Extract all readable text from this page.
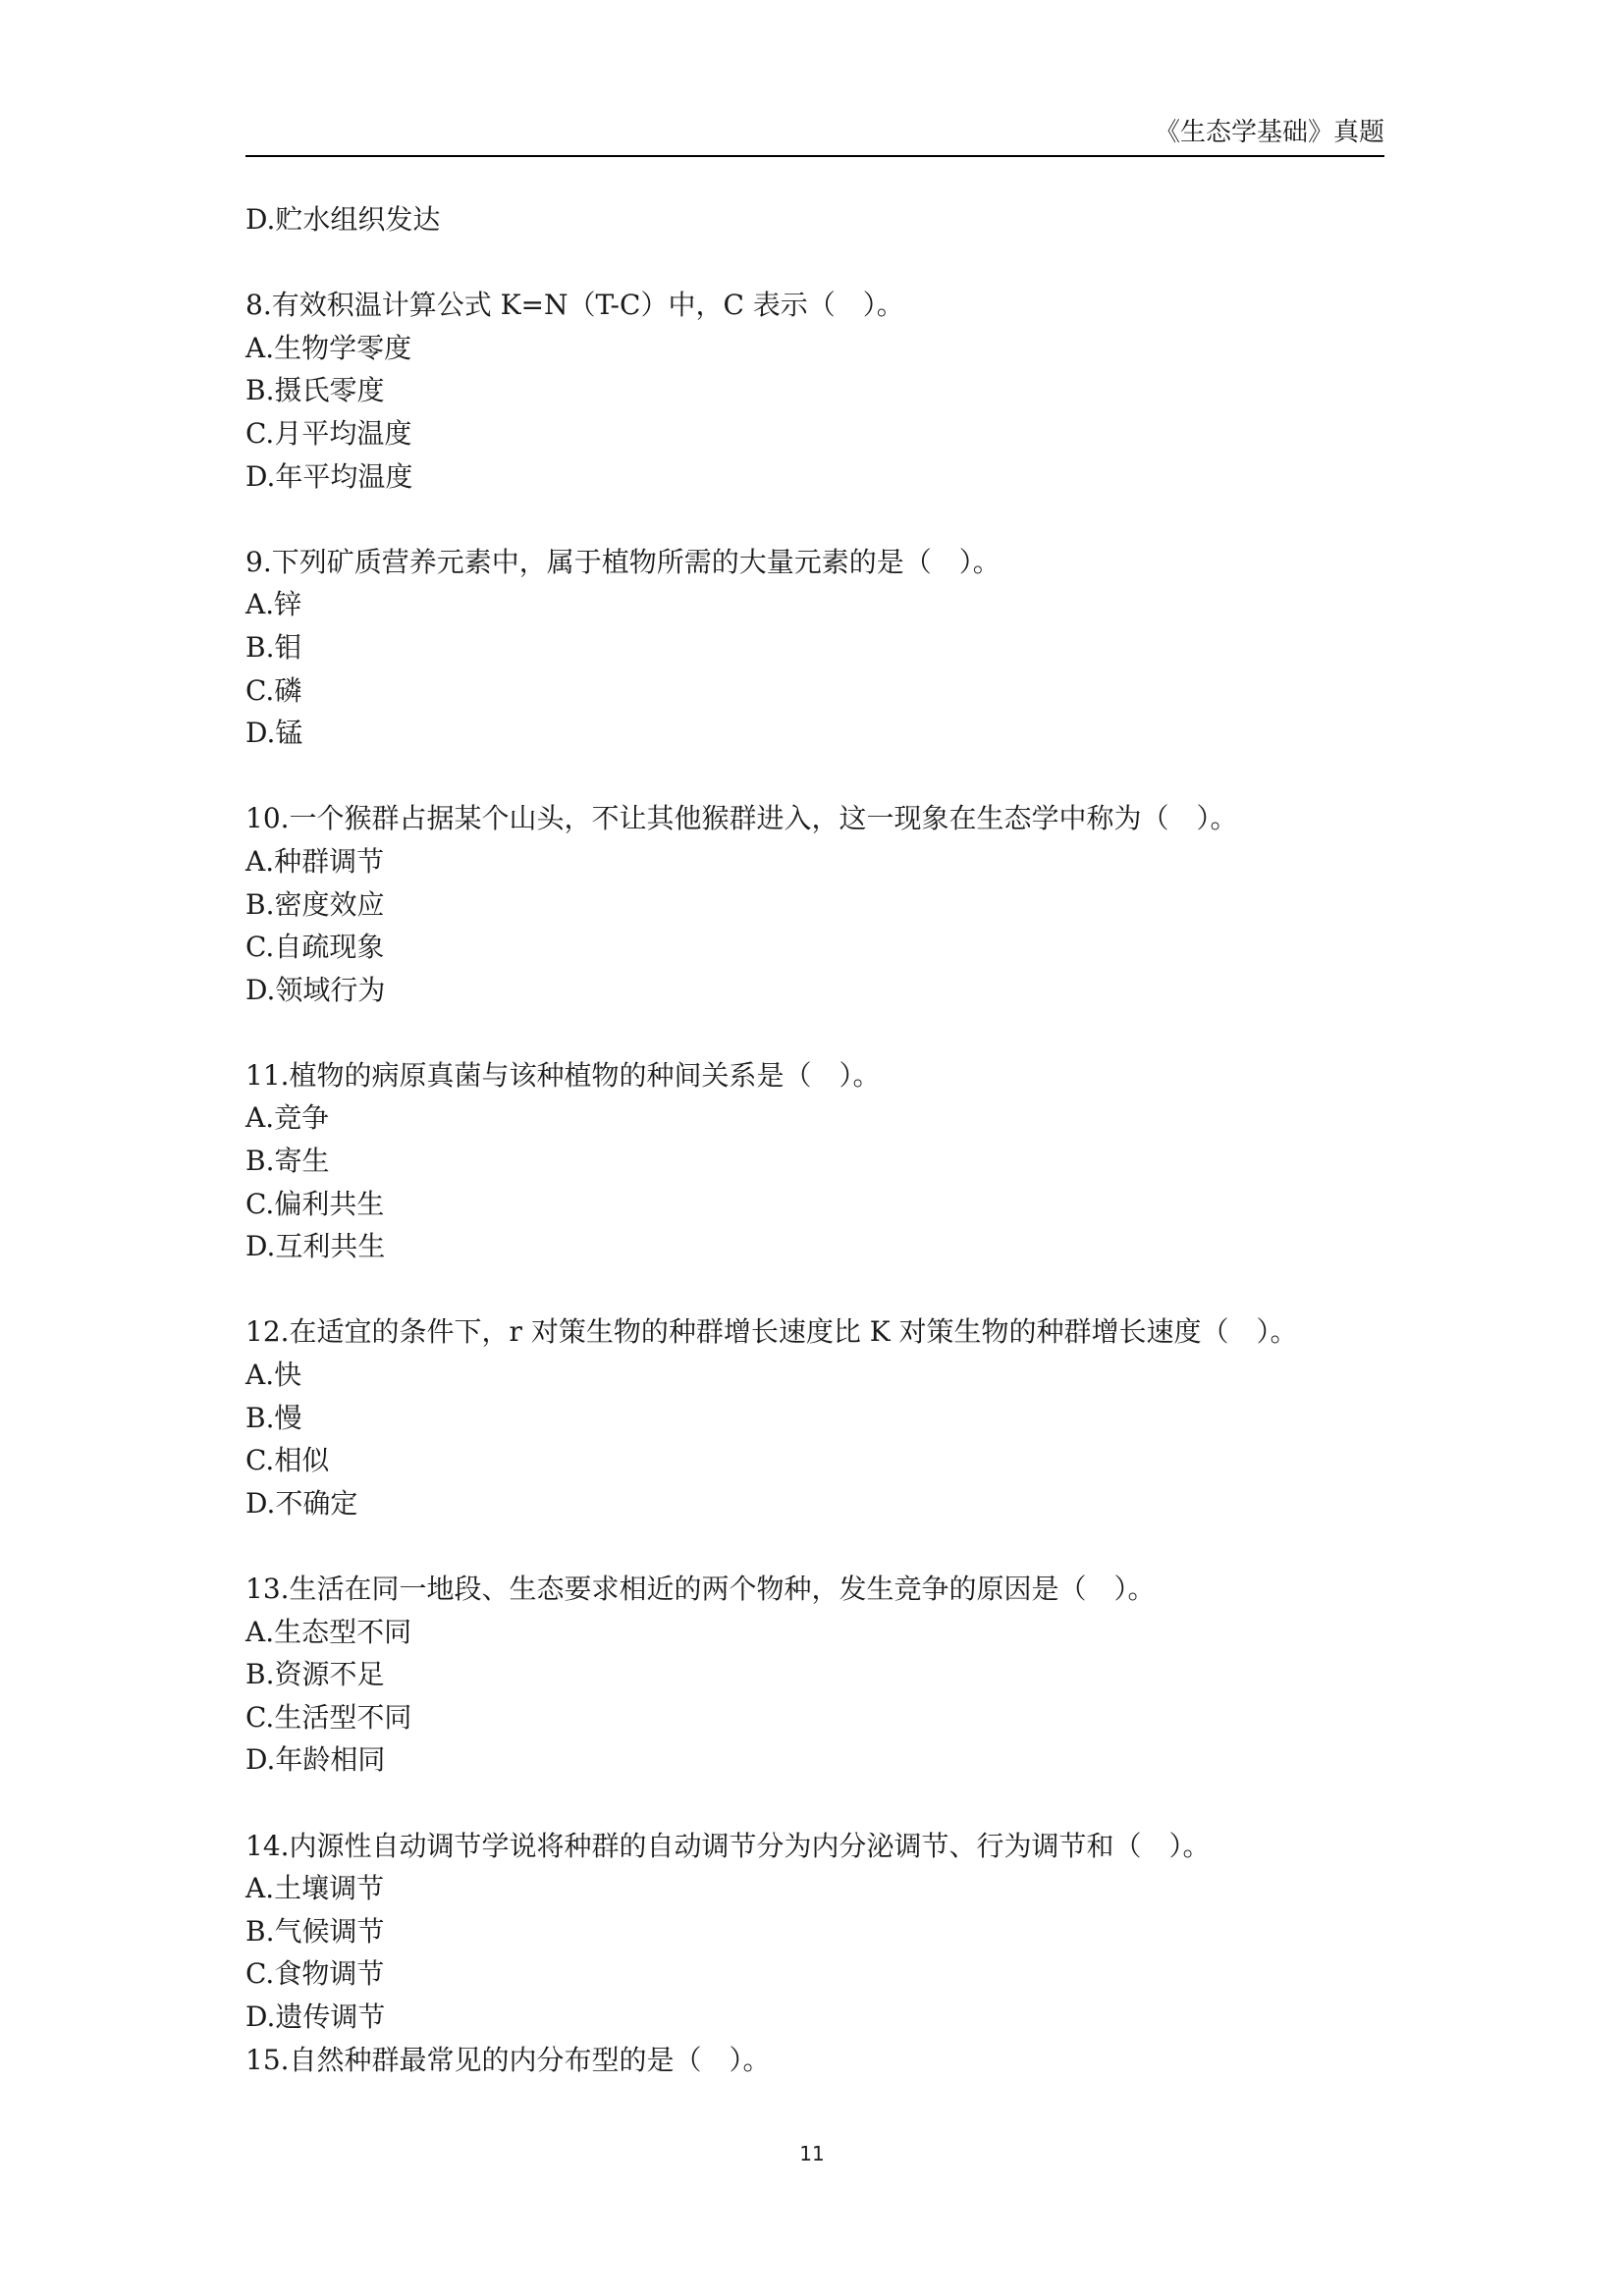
《生态学基础》真题
D.贮水组织发达
8.有效积温计算公式 K=N（T-C）中，C 表示（　）。
A.生物学零度
B.摄氏零度
C.月平均温度
D.年平均温度
9.下列矿质营养元素中，属于植物所需的大量元素的是（　）。
A.锌
B.钼
C.磷
D.锰
10.一个猴群占据某个山头，不让其他猴群进入，这一现象在生态学中称为（　）。
A.种群调节
B.密度效应
C.自疏现象
D.领域行为
11.植物的病原真菌与该种植物的种间关系是（　）。
A.竞争
B.寄生
C.偏利共生
D.互利共生
12.在适宜的条件下，r 对策生物的种群增长速度比 K 对策生物的种群增长速度（　）。
A.快
B.慢
C.相似
D.不确定
13.生活在同一地段、生态要求相近的两个物种，发生竞争的原因是（　）。
A.生态型不同
B.资源不足
C.生活型不同
D.年龄相同
14.内源性自动调节学说将种群的自动调节分为内分泌调节、行为调节和（　）。
A.土壤调节
B.气候调节
C.食物调节
D.遗传调节
15.自然种群最常见的内分布型的是（　）。
11
